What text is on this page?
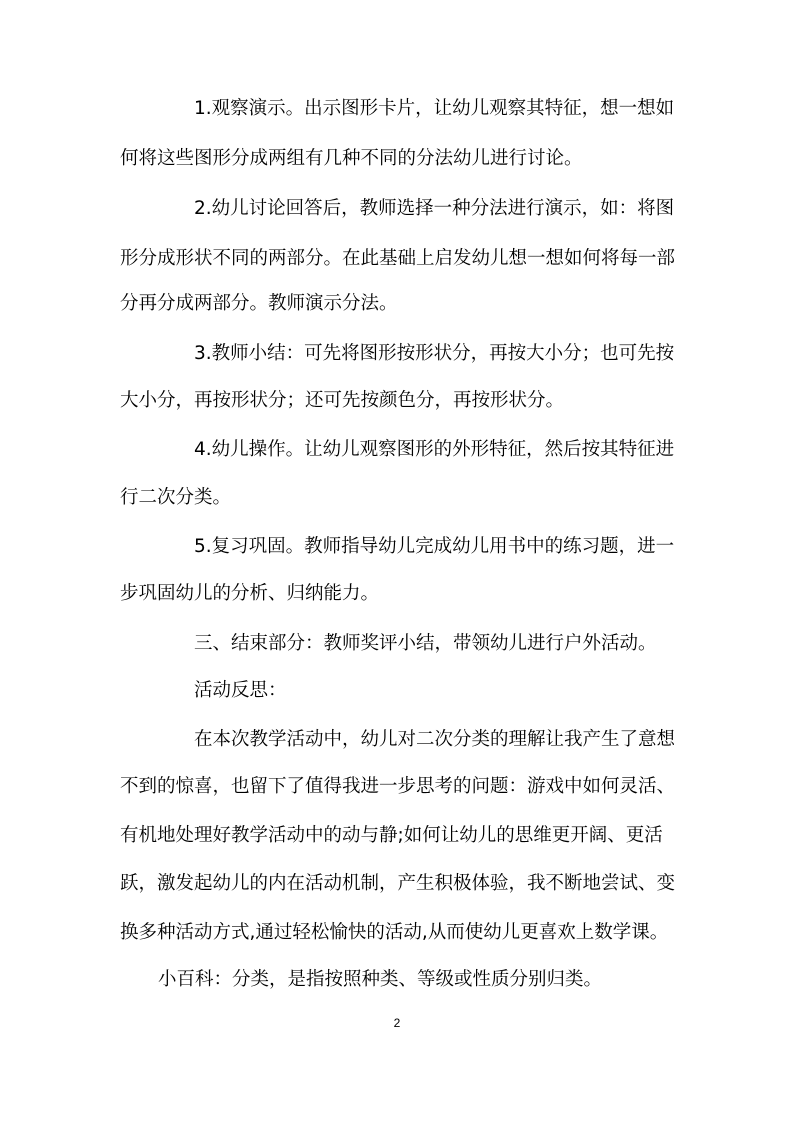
1.观察演示。出示图形卡片，让幼儿观察其特征，想一想如
何将这些图形分成两组有几种不同的分法幼儿进行讨论。
2.幼儿讨论回答后，教师选择一种分法进行演示，如：将图
形分成形状不同的两部分。在此基础上启发幼儿想一想如何将每一部
分再分成两部分。教师演示分法。
3.教师小结：可先将图形按形状分，再按大小分；也可先按
大小分，再按形状分；还可先按颜色分，再按形状分。
4.幼儿操作。让幼儿观察图形的外形特征，然后按其特征进
行二次分类。
5.复习巩固。教师指导幼儿完成幼儿用书中的练习题，进一
步巩固幼儿的分析、归纳能力。
三、结束部分：教师奖评小结，带领幼儿进行户外活动。
活动反思：
在本次教学活动中，幼儿对二次分类的理解让我产生了意想
不到的惊喜，也留下了值得我进一步思考的问题：游戏中如何灵活、
有机地处理好教学活动中的动与静;如何让幼儿的思维更开阔、更活
跃，激发起幼儿的内在活动机制，产生积极体验，我不断地尝试、变
换多种活动方式,通过轻松愉快的活动,从而使幼儿更喜欢上数学课。
小百科：分类，是指按照种类、等级或性质分别归类。
2
